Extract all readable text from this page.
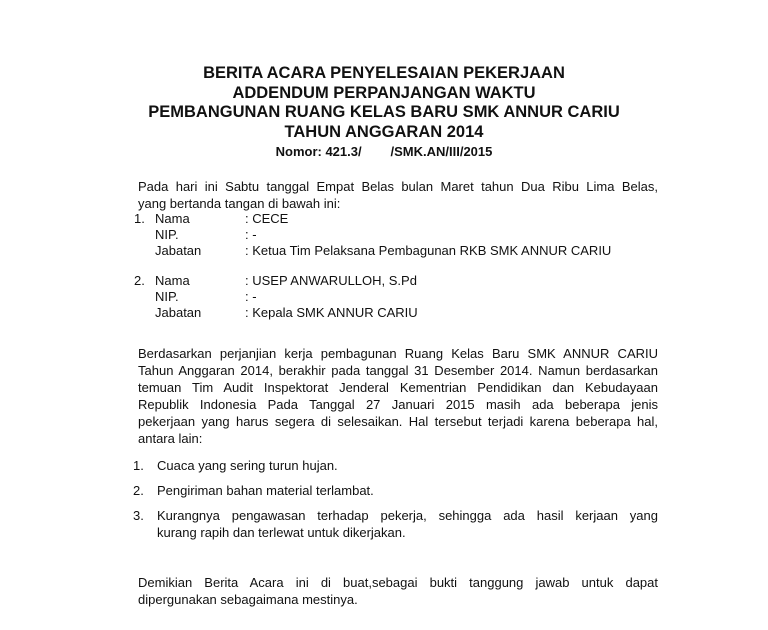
BERITA ACARA PENYELESAIAN PEKERJAAN
ADDENDUM PERPANJANGAN WAKTU
PEMBANGUNAN RUANG KELAS BARU SMK ANNUR CARIU
TAHUN ANGGARAN 2014
Nomor: 421.3/        /SMK.AN/III/2015
Pada hari ini Sabtu tanggal Empat Belas bulan Maret tahun Dua Ribu Lima Belas,
yang bertanda tangan di bawah ini:
1. Nama	: CECE
NIP.	: -
Jabatan	: Ketua Tim Pelaksana Pembagunan RKB SMK ANNUR CARIU
2. Nama	: USEP ANWARULLOH, S.Pd
NIP.	: -
Jabatan	: Kepala SMK ANNUR CARIU
Berdasarkan perjanjian kerja pembagunan Ruang Kelas Baru SMK ANNUR CARIU
Tahun Anggaran 2014, berakhir pada tanggal 31 Desember 2014. Namun berdasarkan
temuan Tim Audit Inspektorat Jenderal Kementrian Pendidikan dan Kebudayaan
Republik Indonesia Pada Tanggal 27 Januari 2015 masih ada beberapa jenis
pekerjaan yang harus segera di selesaikan. Hal tersebut terjadi karena beberapa hal,
antara lain:
1. Cuaca yang sering turun hujan.
2. Pengiriman bahan material terlambat.
3. Kurangnya pengawasan terhadap pekerja, sehingga ada hasil kerjaan yang
kurang rapih dan terlewat untuk dikerjakan.
Demikian Berita Acara ini di buat,sebagai bukti tanggung jawab untuk dapat
dipergunakan sebagaimana mestinya.
